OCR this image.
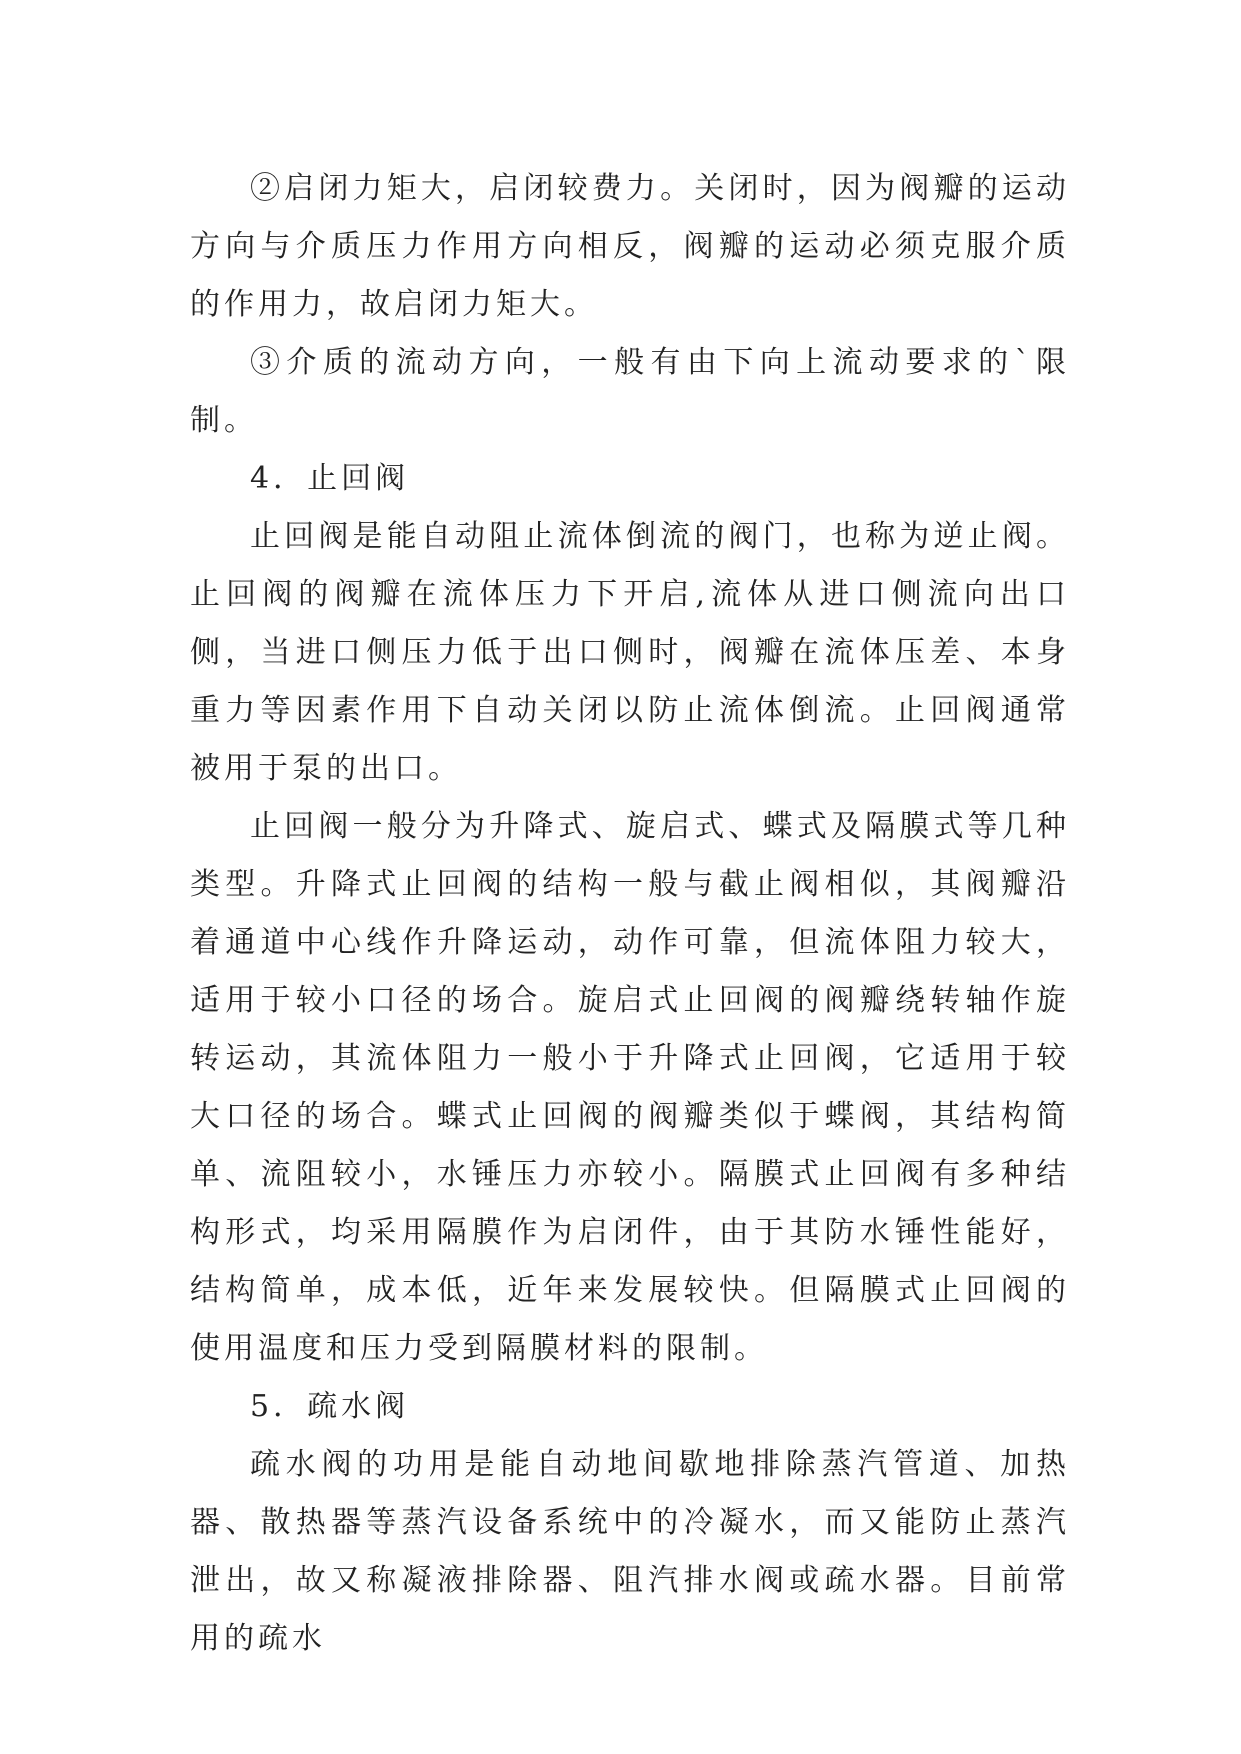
②启闭力矩大，启闭较费力。关闭时，因为阀瓣的运动方向与介质压力作用方向相反，阀瓣的运动必须克服介质的作用力，故启闭力矩大。

③介质的流动方向，一般有由下向上流动要求的`限制。

4．止回阀

止回阀是能自动阻止流体倒流的阀门，也称为逆止阀。止回阀的阀瓣在流体压力下开启,流体从进口侧流向出口侧，当进口侧压力低于出口侧时，阀瓣在流体压差、本身重力等因素作用下自动关闭以防止流体倒流。止回阀通常被用于泵的出口。

止回阀一般分为升降式、旋启式、蝶式及隔膜式等几种类型。升降式止回阀的结构一般与截止阀相似，其阀瓣沿着通道中心线作升降运动，动作可靠，但流体阻力较大，适用于较小口径的场合。旋启式止回阀的阀瓣绕转轴作旋转运动，其流体阻力一般小于升降式止回阀，它适用于较大口径的场合。蝶式止回阀的阀瓣类似于蝶阀，其结构简单、流阻较小，水锤压力亦较小。隔膜式止回阀有多种结构形式，均采用隔膜作为启闭件，由于其防水锤性能好，结构简单，成本低，近年来发展较快。但隔膜式止回阀的使用温度和压力受到隔膜材料的限制。

5．疏水阀

疏水阀的功用是能自动地间歇地排除蒸汽管道、加热器、散热器等蒸汽设备系统中的冷凝水，而又能防止蒸汽泄出，故又称凝液排除器、阻汽排水阀或疏水器。目前常用的疏水
